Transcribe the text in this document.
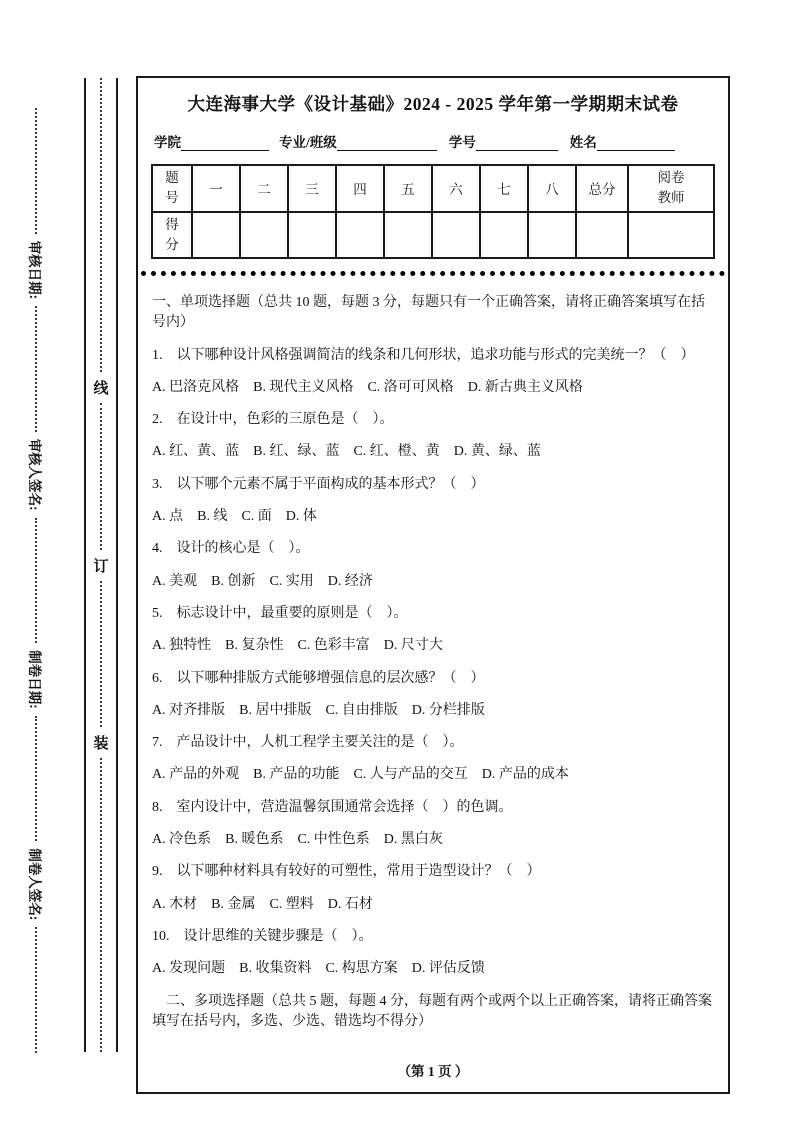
审核日期:
审核人签名:
制卷日期:
制卷人签名:
线
订
装
大连海事大学《设计基础》2024 - 2025 学年第一学期期末试卷
学院	专业/班级	学号	姓名
题号	一	二	三	四	五	六	七	八	总分	阅卷教师
得分										

一、单项选择题（总共 10 题，每题 3 分，每题只有一个正确答案，请将正确答案填写在括号内）

1.　以下哪种设计风格强调简洁的线条和几何形状，追求功能与形式的完美统一？（　）

A. 巴洛克风格　B. 现代主义风格　C. 洛可可风格　D. 新古典主义风格

2.　在设计中，色彩的三原色是（　）。

A. 红、黄、蓝　B. 红、绿、蓝　C. 红、橙、黄　D. 黄、绿、蓝

3.　以下哪个元素不属于平面构成的基本形式？（　）

A. 点　B. 线　C. 面　D. 体

4.　设计的核心是（　）。

A. 美观　B. 创新　C. 实用　D. 经济

5.　标志设计中，最重要的原则是（　）。

A. 独特性　B. 复杂性　C. 色彩丰富　D. 尺寸大

6.　以下哪种排版方式能够增强信息的层次感？（　）

A. 对齐排版　B. 居中排版　C. 自由排版　D. 分栏排版

7.　产品设计中，人机工程学主要关注的是（　）。

A. 产品的外观　B. 产品的功能　C. 人与产品的交互　D. 产品的成本

8.　室内设计中，营造温馨氛围通常会选择（　）的色调。

A. 冷色系　B. 暖色系　C. 中性色系　D. 黑白灰

9.　以下哪种材料具有较好的可塑性，常用于造型设计？（　）

A. 木材　B. 金属　C. 塑料　D. 石材

10.　设计思维的关键步骤是（　）。

A. 发现问题　B. 收集资料　C. 构思方案　D. 评估反馈

二、多项选择题（总共 5 题，每题 4 分，每题有两个或两个以上正确答案，请将正确答案填写在括号内，多选、少选、错选均不得分）

（第 1 页 ）
